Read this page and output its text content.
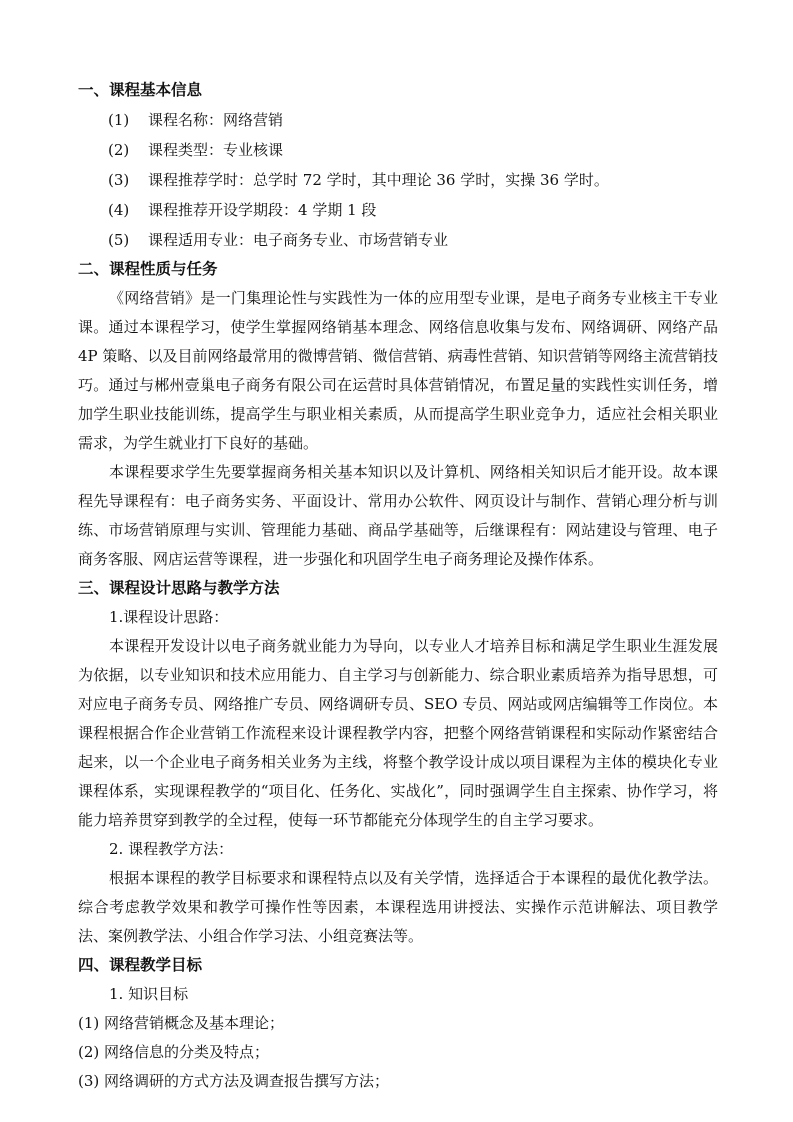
一、课程基本信息
(1) 课程名称：网络营销
(2) 课程类型：专业核课
(3) 课程推荐学时：总学时 72 学时，其中理论 36 学时，实操 36 学时。
(4) 课程推荐开设学期段：4 学期 1 段
(5) 课程适用专业：电子商务专业、市场营销专业
二、课程性质与任务

《网络营销》是一门集理论性与实践性为一体的应用型专业课，是电子商务专业核主干专业课。通过本课程学习，使学生掌握网络销基本理念、网络信息收集与发布、网络调研、网络产品 4P 策略、以及目前网络最常用的微博营销、微信营销、病毒性营销、知识营销等网络主流营销技巧。通过与郴州壹巢电子商务有限公司在运营时具体营销情况，布置足量的实践性实训任务，增加学生职业技能训练，提高学生与职业相关素质，从而提高学生职业竞争力，适应社会相关职业需求，为学生就业打下良好的基础。

本课程要求学生先要掌握商务相关基本知识以及计算机、网络相关知识后才能开设。故本课程先导课程有：电子商务实务、平面设计、常用办公软件、网页设计与制作、营销心理分析与训练、市场营销原理与实训、管理能力基础、商品学基础等，后继课程有：网站建设与管理、电子商务客服、网店运营等课程，进一步强化和巩固学生电子商务理论及操作体系。

三、课程设计思路与教学方法
1.课程设计思路：

本课程开发设计以电子商务就业能力为导向，以专业人才培养目标和满足学生职业生涯发展为依据，以专业知识和技术应用能力、自主学习与创新能力、综合职业素质培养为指导思想，可对应电子商务专员、网络推广专员、网络调研专员、SEO 专员、网站或网店编辑等工作岗位。本课程根据合作企业营销工作流程来设计课程教学内容，把整个网络营销课程和实际动作紧密结合起来，以一个企业电子商务相关业务为主线，将整个教学设计成以项目课程为主体的模块化专业课程体系，实现课程教学的“项目化、任务化、实战化”，同时强调学生自主探索、协作学习，将能力培养贯穿到教学的全过程，使每一环节都能充分体现学生的自主学习要求。

2. 课程教学方法：

根据本课程的教学目标要求和课程特点以及有关学情，选择适合于本课程的最优化教学法。综合考虑教学效果和教学可操作性等因素，本课程选用讲授法、实操作示范讲解法、项目教学法、案例教学法、小组合作学习法、小组竞赛法等。

四、课程教学目标
1. 知识目标
(1) 网络营销概念及基本理论；
(2) 网络信息的分类及特点；
(3) 网络调研的方式方法及调查报告撰写方法；
